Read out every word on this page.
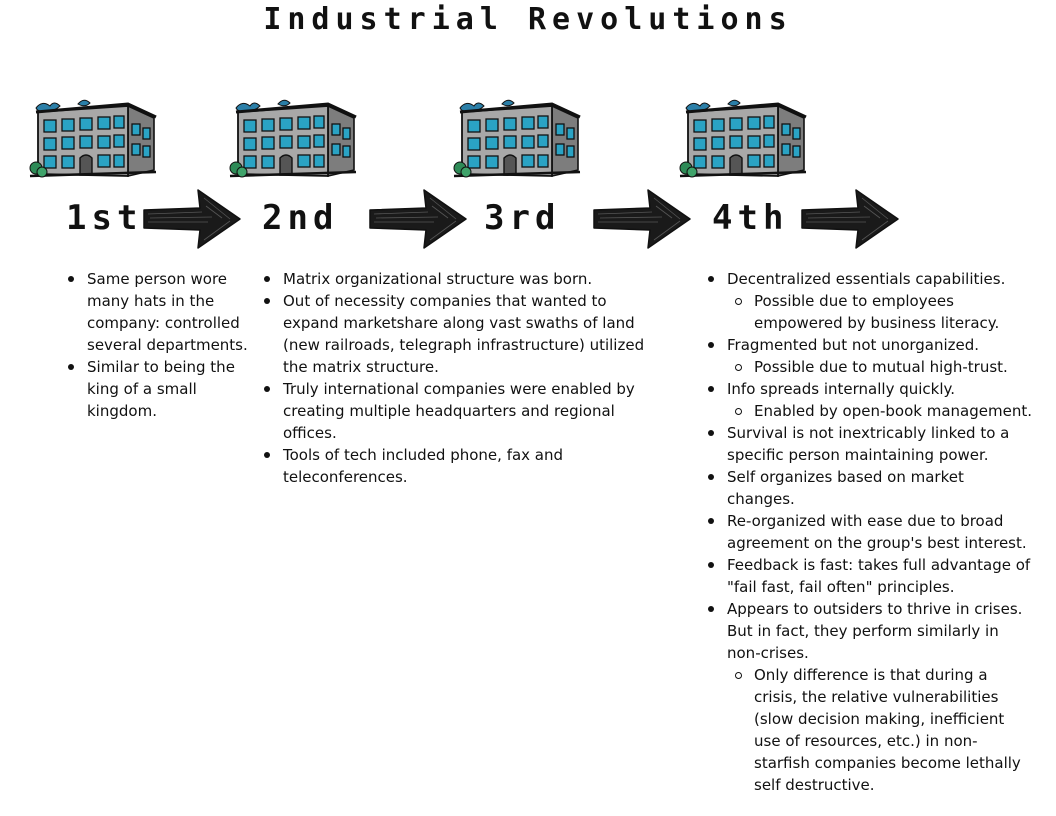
Industrial Revolutions
1st	2nd	3rd	4th
Same person wore many hats in the company: controlled several departments.
Similar to being the king of a small kingdom.
Matrix organizational structure was born.
Out of necessity companies that wanted to expand marketshare along vast swaths of land (new railroads, telegraph infrastructure) utilized the matrix structure.
Truly international companies were enabled by creating multiple headquarters and regional offices.
Tools of tech included phone, fax and teleconferences.
Decentralized essentials capabilities.
Possible due to employees empowered by business literacy.
Fragmented but not unorganized.
Possible due to mutual high-trust.
Info spreads internally quickly.
Enabled by open-book management.
Survival is not inextricably linked to a specific person maintaining power.
Self organizes based on market changes.
Re-organized with ease due to broad agreement on the group's best interest.
Feedback is fast: takes full advantage of "fail fast, fail often" principles.
Appears to outsiders to thrive in crises. But in fact, they perform similarly in non-crises.
Only difference is that during a crisis, the relative vulnerabilities (slow decision making, inefficient use of resources, etc.) in non-starfish companies become lethally self destructive.
